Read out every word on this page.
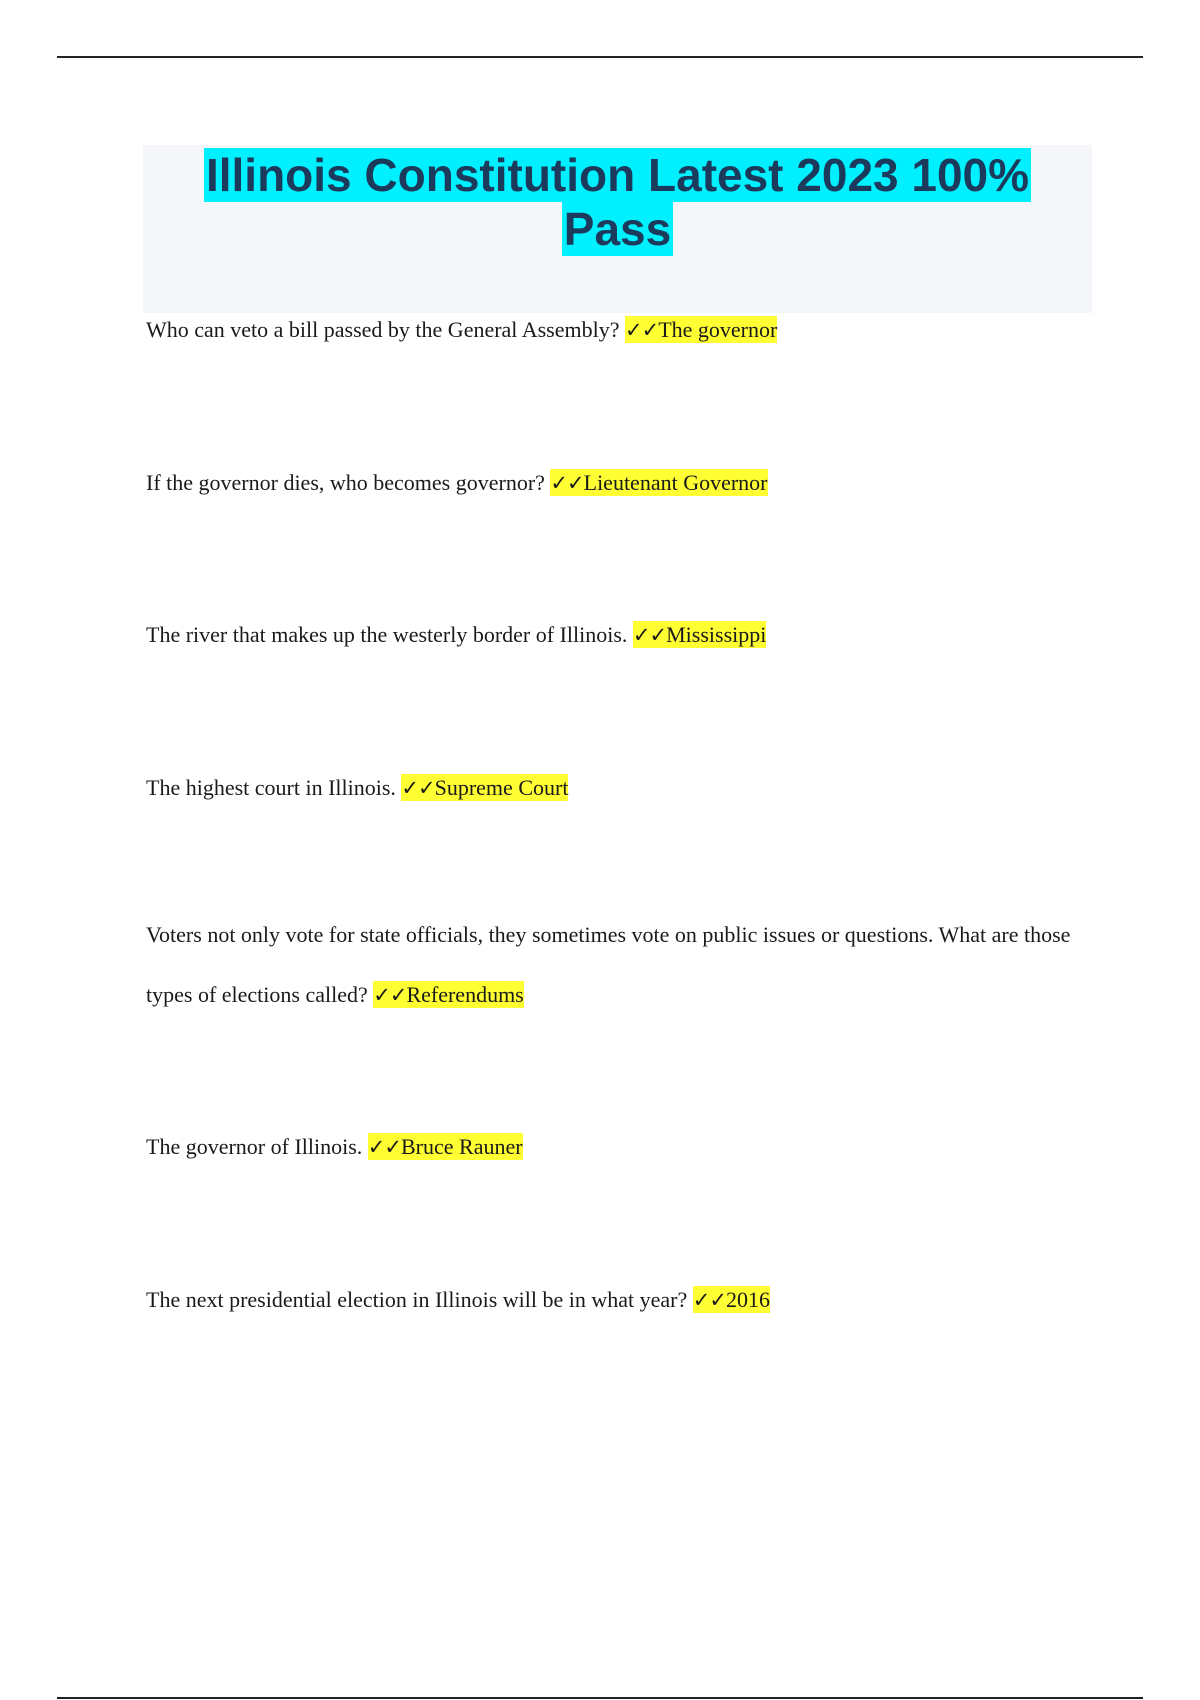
Illinois Constitution Latest 2023 100%
Pass

Who can veto a bill passed by the General Assembly? ✓✓The governor

If the governor dies, who becomes governor? ✓✓Lieutenant Governor

The river that makes up the westerly border of Illinois. ✓✓Mississippi

The highest court in Illinois. ✓✓Supreme Court

Voters not only vote for state officials, they sometimes vote on public issues or questions. What are those types of elections called? ✓✓Referendums

The governor of Illinois. ✓✓Bruce Rauner

The next presidential election in Illinois will be in what year? ✓✓2016
